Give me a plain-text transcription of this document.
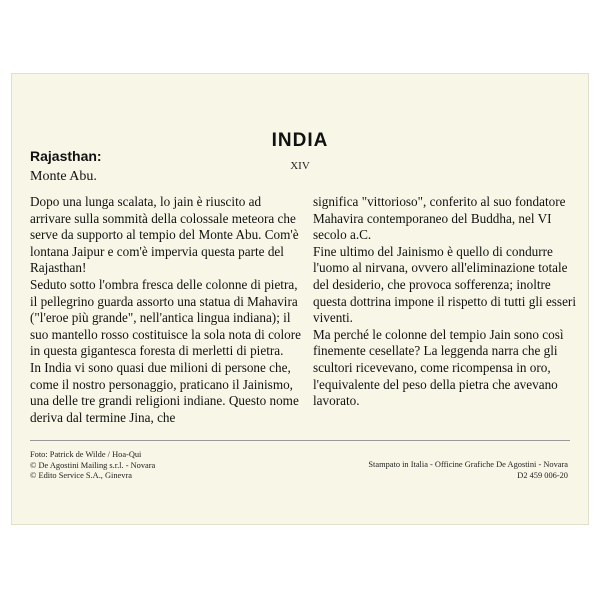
INDIA
XIV
Rajasthan:
Monte Abu.

Dopo una lunga scalata, lo jain è riuscito ad arrivare sulla sommità della colossale meteora che serve da supporto al tempio del Monte Abu. Com'è lontana Jaipur e com'è impervia questa parte del Rajasthan!

Seduto sotto l'ombra fresca delle colonne di pietra, il pellegrino guarda assorto una statua di Mahavira ("l'eroe più grande", nell'antica lingua indiana); il suo mantello rosso costituisce la sola nota di colore in questa gigantesca foresta di merletti di pietra.

In India vi sono quasi due milioni di persone che, come il nostro personaggio, praticano il Jainismo, una delle tre grandi religioni indiane. Questo nome deriva dal termine Jina, che

significa "vittorioso", conferito al suo fondatore Mahavira contemporaneo del Buddha, nel VI secolo a.C.

Fine ultimo del Jainismo è quello di condurre l'uomo al nirvana, ovvero all'eliminazione totale del desiderio, che provoca sofferenza; inoltre questa dottrina impone il rispetto di tutti gli esseri viventi.

Ma perché le colonne del tempio Jain sono così finemente cesellate? La leggenda narra che gli scultori ricevevano, come ricompensa in oro, l'equivalente del peso della pietra che avevano lavorato.

Foto: Patrick de Wilde / Hoa-Qui
© De Agostini Mailing s.r.l. - Novara
© Edito Service S.A., Ginevra
Stampato in Italia - Officine Grafiche De Agostini - Novara
D2 459 006-20
